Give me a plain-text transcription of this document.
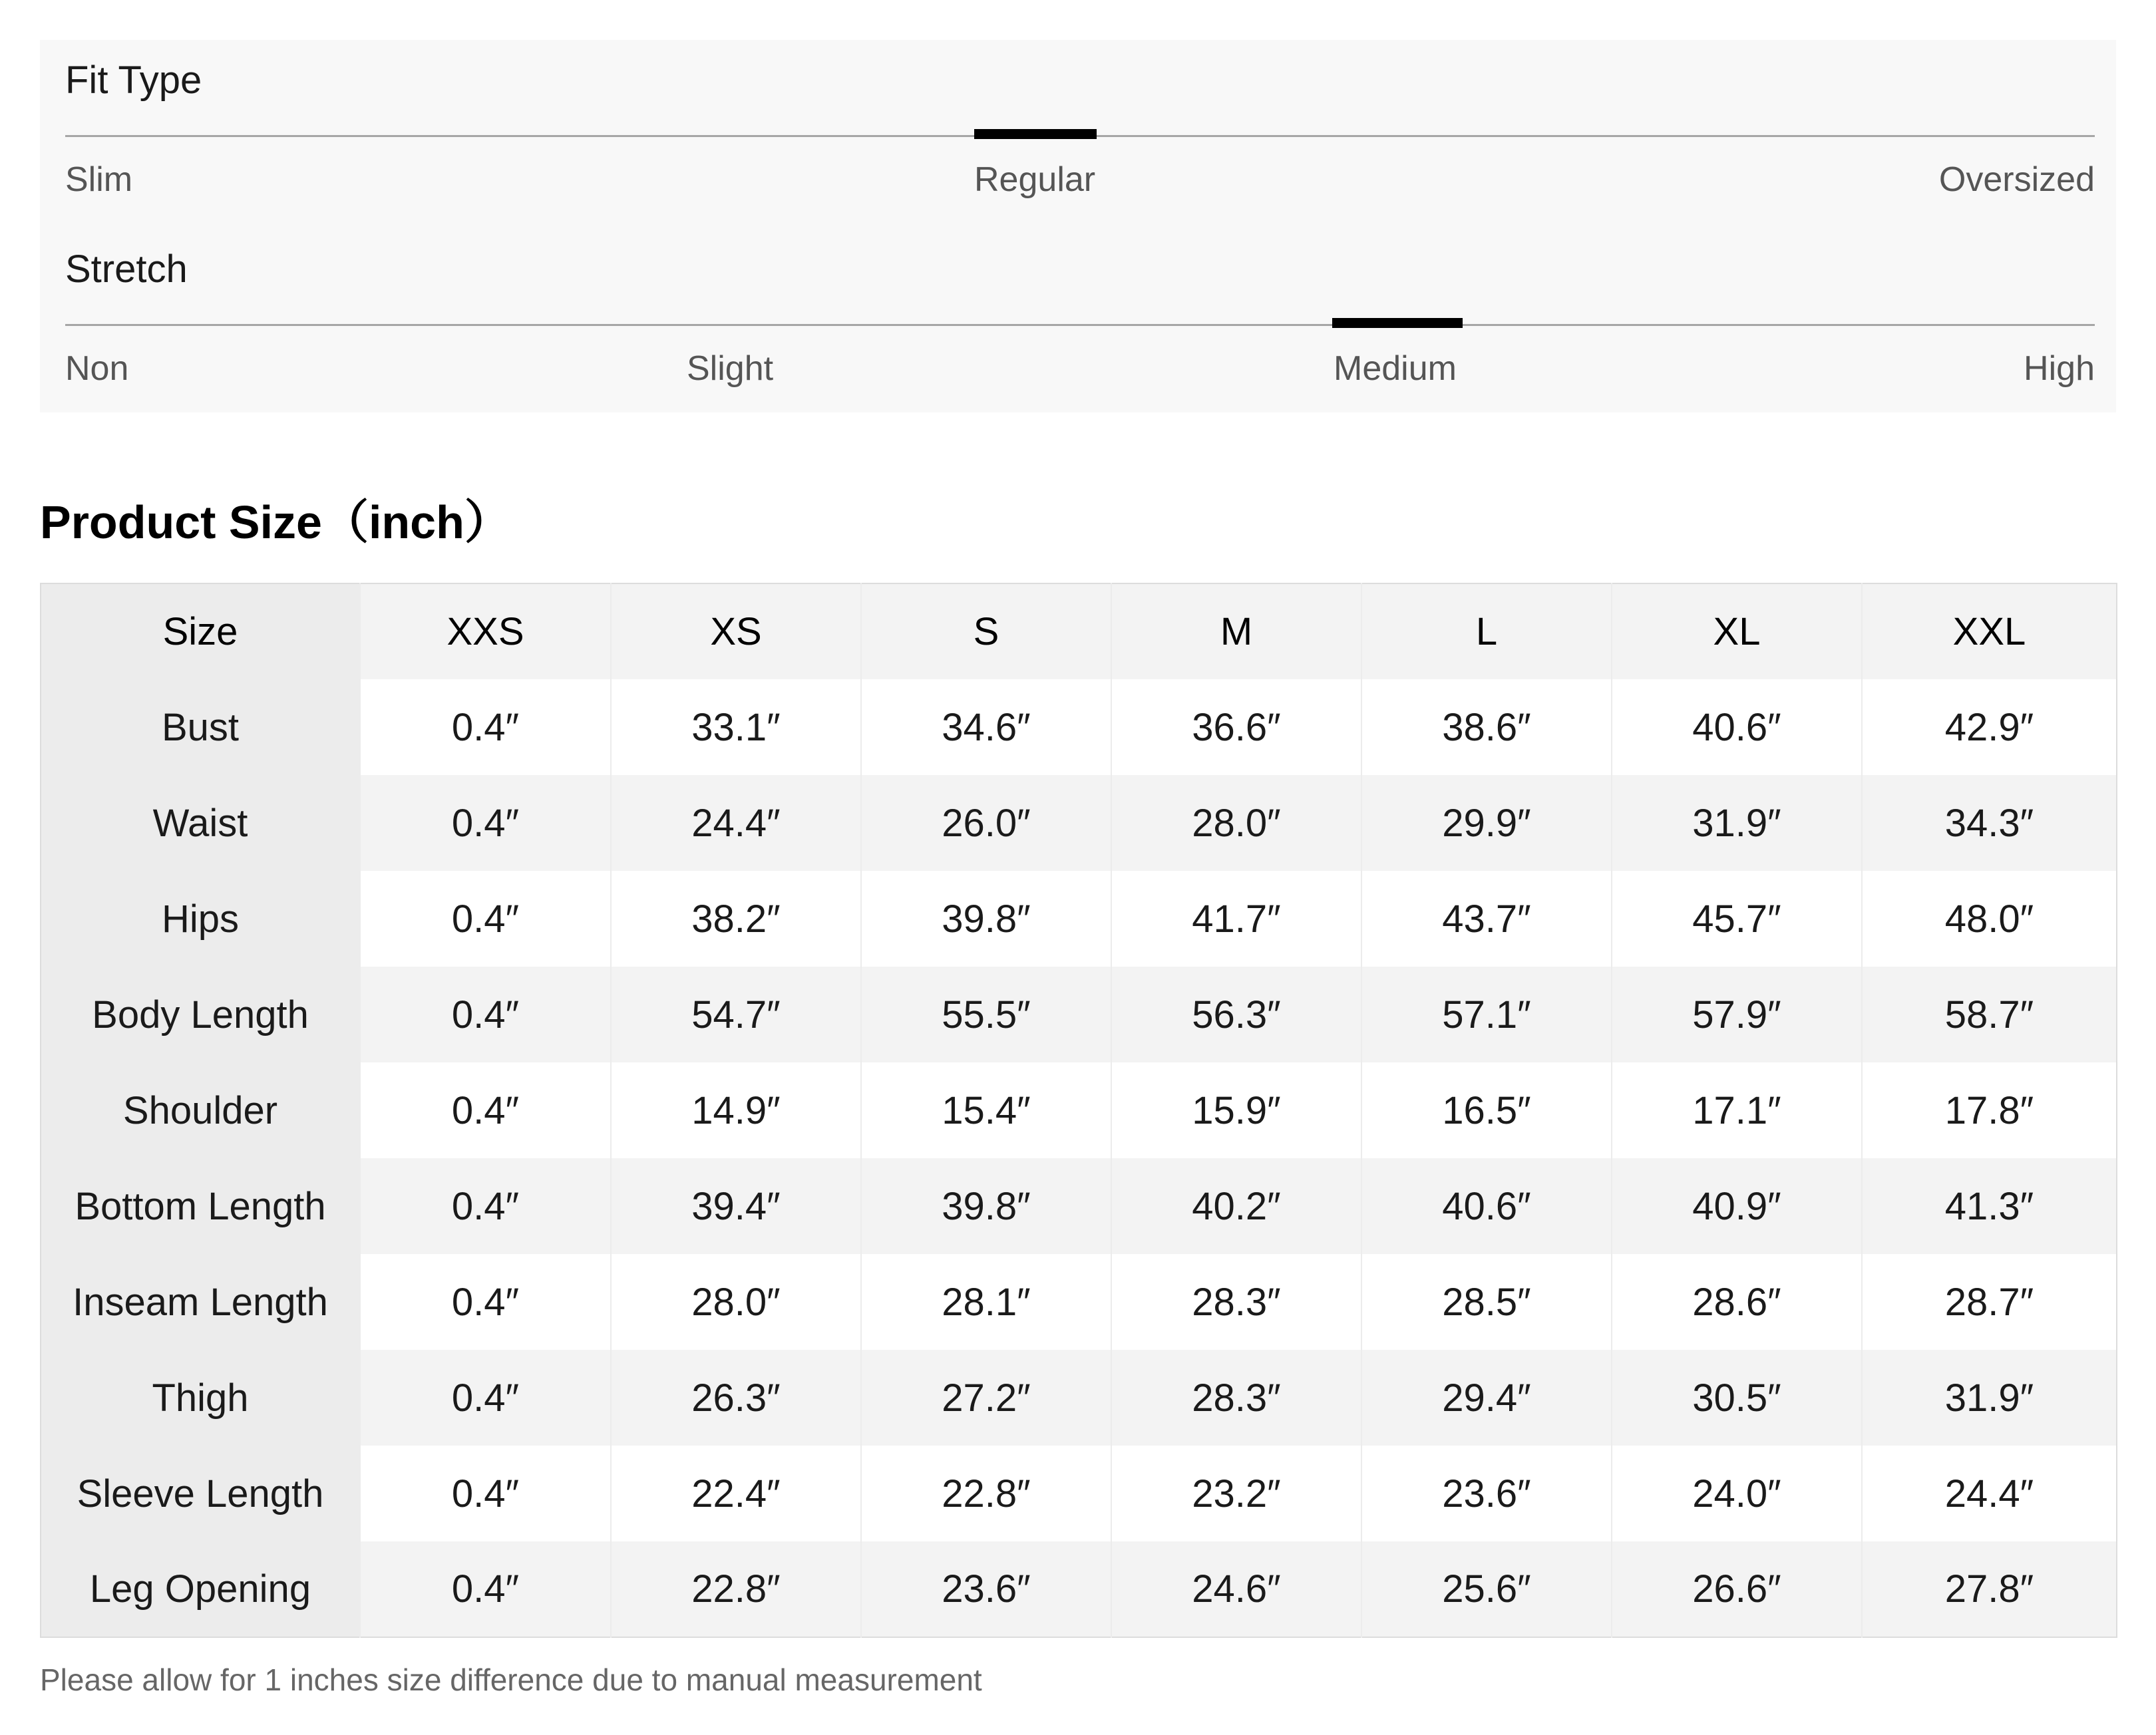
Fit Type
Slim	Regular	Oversized
Stretch
Non	Slight	Medium	High
Product Size（inch）
Size	XXS	XS	S	M	L	XL	XXL
Bust	0.4″	33.1″	34.6″	36.6″	38.6″	40.6″	42.9″
Waist	0.4″	24.4″	26.0″	28.0″	29.9″	31.9″	34.3″
Hips	0.4″	38.2″	39.8″	41.7″	43.7″	45.7″	48.0″
Body Length	0.4″	54.7″	55.5″	56.3″	57.1″	57.9″	58.7″
Shoulder	0.4″	14.9″	15.4″	15.9″	16.5″	17.1″	17.8″
Bottom Length	0.4″	39.4″	39.8″	40.2″	40.6″	40.9″	41.3″
Inseam Length	0.4″	28.0″	28.1″	28.3″	28.5″	28.6″	28.7″
Thigh	0.4″	26.3″	27.2″	28.3″	29.4″	30.5″	31.9″
Sleeve Length	0.4″	22.4″	22.8″	23.2″	23.6″	24.0″	24.4″
Leg Opening	0.4″	22.8″	23.6″	24.6″	25.6″	26.6″	27.8″
Please allow for 1 inches size difference due to manual measurement
